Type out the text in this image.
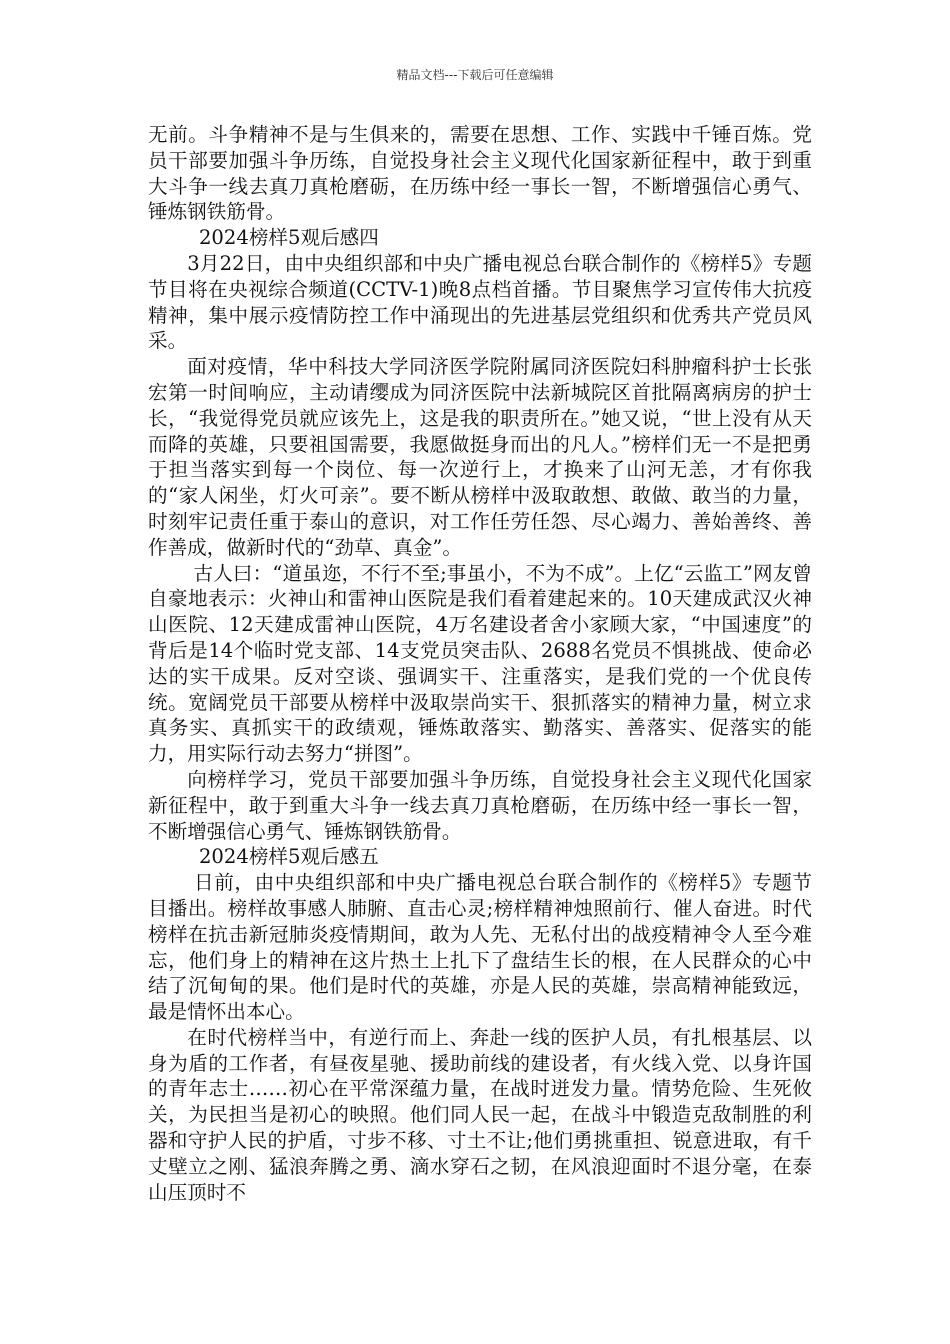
精品文档---下载后可任意编辑

无前。斗争精神不是与生俱来的，需要在思想、工作、实践中千锤百炼。党员干部要加强斗争历练，自觉投身社会主义现代化国家新征程中，敢于到重大斗争一线去真刀真枪磨砺，在历练中经一事长一智，不断增强信心勇气、锤炼钢铁筋骨。

2024榜样5观后感四

3月22日，由中央组织部和中央广播电视总台联合制作的《榜样5》专题节目将在央视综合频道(CCTV-1)晚8点档首播。节目聚焦学习宣传伟大抗疫精神，集中展示疫情防控工作中涌现出的先进基层党组织和优秀共产党员风采。

面对疫情，华中科技大学同济医学院附属同济医院妇科肿瘤科护士长张宏第一时间响应，主动请缨成为同济医院中法新城院区首批隔离病房的护士长，“我觉得党员就应该先上，这是我的职责所在。”她又说，“世上没有从天而降的英雄，只要祖国需要，我愿做挺身而出的凡人。”榜样们无一不是把勇于担当落实到每一个岗位、每一次逆行上，才换来了山河无恙，才有你我的“家人闲坐，灯火可亲”。要不断从榜样中汲取敢想、敢做、敢当的力量，时刻牢记责任重于泰山的意识，对工作任劳任怨、尽心竭力、善始善终、善作善成，做新时代的“劲草、真金”。

古人曰：“道虽迩，不行不至;事虽小，不为不成”。上亿“云监工”网友曾自豪地表示：火神山和雷神山医院是我们看着建起来的。10天建成武汉火神山医院、12天建成雷神山医院，4万名建设者舍小家顾大家，“中国速度”的背后是14个临时党支部、14支党员突击队、2688名党员不惧挑战、使命必达的实干成果。反对空谈、强调实干、注重落实，是我们党的一个优良传统。宽阔党员干部要从榜样中汲取崇尚实干、狠抓落实的精神力量，树立求真务实、真抓实干的政绩观，锤炼敢落实、勤落实、善落实、促落实的能力，用实际行动去努力“拼图”。

向榜样学习，党员干部要加强斗争历练，自觉投身社会主义现代化国家新征程中，敢于到重大斗争一线去真刀真枪磨砺，在历练中经一事长一智，不断增强信心勇气、锤炼钢铁筋骨。

2024榜样5观后感五

日前，由中央组织部和中央广播电视总台联合制作的《榜样5》专题节目播出。榜样故事感人肺腑、直击心灵;榜样精神烛照前行、催人奋进。时代榜样在抗击新冠肺炎疫情期间，敢为人先、无私付出的战疫精神令人至今难忘，他们身上的精神在这片热土上扎下了盘结生长的根，在人民群众的心中结了沉甸甸的果。他们是时代的英雄，亦是人民的英雄，崇高精神能致远，最是情怀出本心。

在时代榜样当中，有逆行而上、奔赴一线的医护人员，有扎根基层、以身为盾的工作者，有昼夜星驰、援助前线的建设者，有火线入党、以身许国的青年志士……初心在平常深蕴力量，在战时迸发力量。情势危险、生死攸关，为民担当是初心的映照。他们同人民一起，在战斗中锻造克敌制胜的利器和守护人民的护盾，寸步不移、寸土不让;他们勇挑重担、锐意进取，有千丈壁立之刚、猛浪奔腾之勇、滴水穿石之韧，在风浪迎面时不退分毫，在泰山压顶时不
